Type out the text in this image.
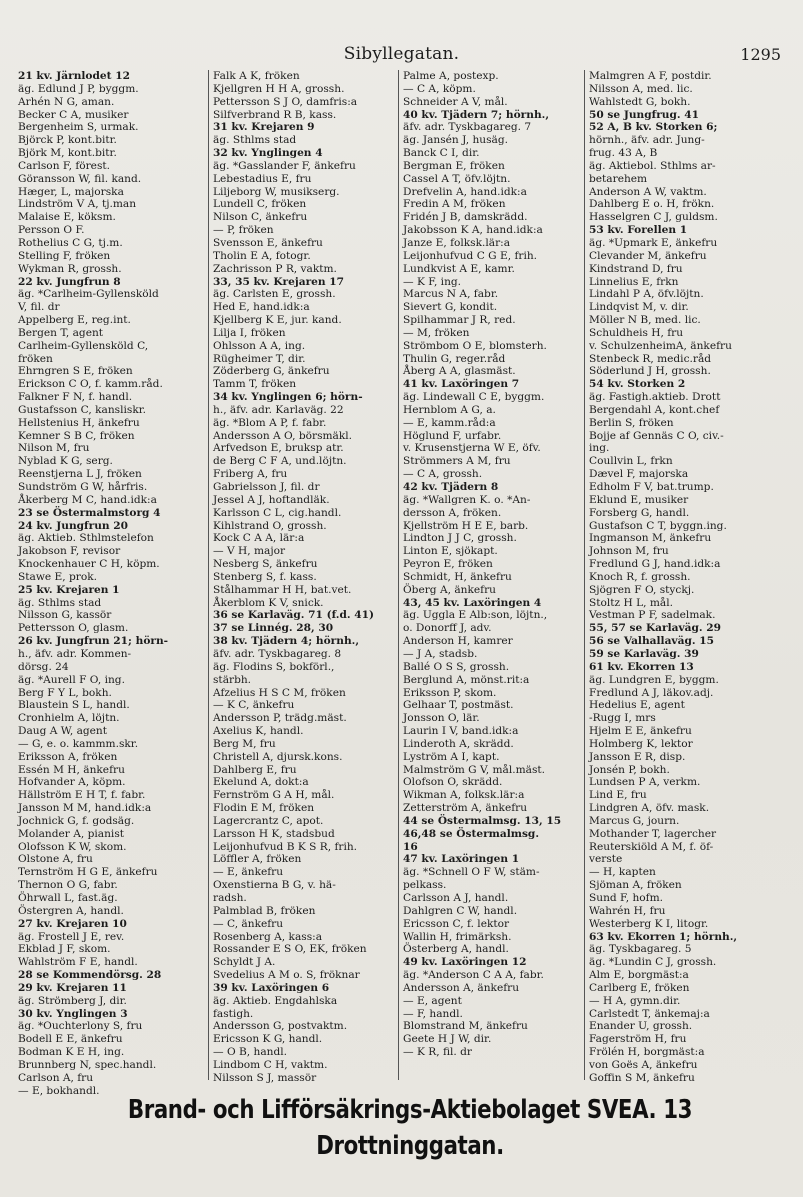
Sibyllegatan.	1295
21 kv. Järnlodet 12
äg. Edlund J P, byggm.
Arhén N G, aman.
Becker C A, musiker
Bergenheim S, urmak.
Björck P, kont.bitr.
Björk M, kont.bitr.
Carlson F, förest.
Göransson W, fil. kand.
Hæger, L, majorska
Lindström V A, tj.man
Malaise E, köksm.
Persson O F.
Rothelius C G, tj.m.
Stelling F, fröken
Wykman R, grossh.
22 kv. Jungfrun 8
äg. *Carlheim-Gyllensköld
V, fil. dr
Appelberg E, reg.int.
Bergen T, agent
Carlheim-Gyllensköld C,
fröken
Ehrngren S E, fröken
Erickson C O, f. kamm.råd.
Falkner F N, f. handl.
Gustafsson C, kansliskr.
Hellstenius H, änkefru
Kemner S B C, fröken
Nilson M, fru
Nyblad K G, serg.
Reenstjerna L J, fröken
Sundström G W, hårfris.
Åkerberg M C, hand.idk:a
23 se Östermalmstorg 4
24 kv. Jungfrun 20
äg. Aktieb. Sthlmstelefon
Jakobson F, revisor
Knockenhauer C H, köpm.
Stawe E, prok.
25 kv. Krejaren 1
äg. Sthlms stad
Nilsson G, kassör
Pettersson O, glasm.
26 kv. Jungfrun 21; hörn-
h., äfv. adr. Kommen-
dörsg. 24
äg. *Aurell F O, ing.
Berg F Y L, bokh.
Blaustein S L, handl.
Cronhielm A, löjtn.
Daug A W, agent
— G, e. o. kammm.skr.
Eriksson A, fröken
Essén M H, änkefru
Hofvander A, köpm.
Hällström E H T, f. fabr.
Jansson M M, hand.idk:a
Jochnick G, f. godsäg.
Molander A, pianist
Olofsson K W, skom.
Olstone A, fru
Ternström H G E, änkefru
Thernon O G, fabr.
Öhrwall L, fast.äg.
Östergren A, handl.
27 kv. Krejaren 10
äg. Frostell J E, rev.
Ekblad J F, skom.
Wahlström F E, handl.
28 se Kommendörsg. 28
29 kv. Krejaren 11
äg. Strömberg J, dir.
30 kv. Ynglingen 3
äg. *Ouchterlony S, fru
Bodell E E, änkefru
Bodman K E H, ing.
Brunnberg N, spec.handl.
Carlson A, fru
— E, bokhandl.
Falk A K, fröken
Kjellgren H H A, grossh.
Pettersson S J O, damfris:a
Silfverbrand R B, kass.
31 kv. Krejaren 9
äg. Sthlms stad
32 kv. Ynglingen 4
äg. *Gasslander F, änkefru
Lebestadius E, fru
Liljeborg W, musikserg.
Lundell C, fröken
Nilson C, änkefru
— P, fröken
Svensson E, änkefru
Tholin E A, fotogr.
Zachrisson P R, vaktm.
33, 35 kv. Krejaren 17
äg. Carlsten E, grossh.
Hed E, hand.idk:a
Kjellberg K E, jur. kand.
Lilja I, fröken
Ohlsson A A, ing.
Rügheimer T, dir.
Zöderberg G, änkefru
Tamm T, fröken
34 kv. Ynglingen 6; hörn-
h., äfv. adr. Karlaväg. 22
äg. *Blom A P, f. fabr.
Andersson A O, börsmäkl.
Arfvedson E, bruksp atr.
de Berg C F A, und.löjtn.
Friberg A, fru
Gabrielsson J, fil. dr
Jessel A J, hoftandläk.
Karlsson C L, cig.handl.
Kihlstrand O, grossh.
Kock C A A, lär:a
— V H, major
Nesberg S, änkefru
Stenberg S, f. kass.
Stålhammar H H, bat.vet.
Åkerblom K V, snick.
36 se Karlaväg. 71 (f.d. 41)
37 se Linnég. 28, 30
38 kv. Tjädern 4; hörnh.,
äfv. adr. Tyskbagareg. 8
äg. Flodins S, bokförl.,
stärbh.
Afzelius H S C M, fröken
— K C, änkefru
Andersson P, trädg.mäst.
Axelius K, handl.
Berg M, fru
Christell A, djursk.kons.
Dahlberg E, fru
Ekelund A, dokt:a
Fernström G A H, mål.
Flodin E M, fröken
Lagercrantz C, apot.
Larsson H K, stadsbud
Leijonhufvud B K S R, frih.
Löffler A, fröken
— E, änkefru
Oxenstierna B G, v. hä-
radsh.
Palmblad B, fröken
— C, änkefru
Rosenberg A, kass:a
Rossander E S O, EK, fröken
Schyldt J A.
Svedelius A M o. S, fröknar
39 kv. Laxöringen 6
äg. Aktieb. Engdahlska
fastigh.
Andersson G, postvaktm.
Ericsson K G, handl.
— O B, handl.
Lindbom C H, vaktm.
Nilsson S J, massör
Palme A, postexp.
— C A, köpm.
Schneider A V, mål.
40 kv. Tjädern 7; hörnh.,
äfv. adr. Tyskbagareg. 7
äg. Jansén J, husäg.
Banck C I, dir.
Bergman E, fröken
Cassel A T, öfv.löjtn.
Drefvelin A, hand.idk:a
Fredin A M, fröken
Fridén J B, damskrädd.
Jakobsson K A, hand.idk:a
Janze E, folksk.lär:a
Leijonhufvud C G E, frih.
Lundkvist A E, kamr.
— K F, ing.
Marcus N A, fabr.
Sievert G, kondit.
Spilhammar J R, red.
— M, fröken
Strömbom O E, blomsterh.
Thulin G, reger.råd
Åberg A A, glasmäst.
41 kv. Laxöringen 7
äg. Lindewall C E, byggm.
Hernblom A G, a.
— E, kamm.råd:a
Höglund F, urfabr.
v. Krusenstjerna W E, öfv.
Strömmers A M, fru
— C A, grossh.
42 kv. Tjädern 8
äg. *Wallgren K. o. *An-
dersson A, fröken.
Kjellström H E E, barb.
Lindton J J C, grossh.
Linton E, sjökapt.
Peyron E, fröken
Schmidt, H, änkefru
Öberg A, änkefru
43, 45 kv. Laxöringen 4
äg. Uggla E Alb:son, löjtn.,
o. Donorff J, adv.
Anderson H, kamrer
— J A, stadsb.
Ballé O S S, grossh.
Berglund A, mönst.rit:a
Eriksson P, skom.
Gelhaar T, postmäst.
Jonsson O, lär.
Laurin I V, band.idk:a
Linderoth A, skrädd.
Lyström A I, kapt.
Malmström G V, mål.mäst.
Olofson O, skrädd.
Wikman A, folksk.lär:a
Zetterström A, änkefru
44 se Östermalmsg. 13, 15
46,48 se Östermalmsg.
16
47 kv. Laxöringen 1
äg. *Schnell O F W, stäm-
pelkass.
Carlsson A J, handl.
Dahlgren C W, handl.
Ericsson C, f. lektor
Wallin H, frimärksh.
Österberg A, handl.
49 kv. Laxöringen 12
äg. *Anderson C A A, fabr.
Andersson A, änkefru
— E, agent
— F, handl.
Blomstrand M, änkefru
Geete H J W, dir.
— K R, fil. dr
Malmgren A F, postdir.
Nilsson A, med. lic.
Wahlstedt G, bokh.
50 se Jungfrug. 41
52 A, B kv. Storken 6;
hörnh., äfv. adr. Jung-
frug. 43 A, B
äg. Aktiebol. Sthlms ar-
betarehem
Anderson A W, vaktm.
Dahlberg E o. H, frökn.
Hasselgren C J, guldsm.
53 kv. Forellen 1
äg. *Upmark E, änkefru
Clevander M, änkefru
Kindstrand D, fru
Linnelius E, frkn
Lindahl P A, öfv.löjtn.
Lindqvist M, v. dir.
Möller N B, med. lic.
Schuldheis H, fru
v. SchulzenheimA, änkefru
Stenbeck R, medic.råd
Söderlund J H, grossh.
54 kv. Storken 2
äg. Fastigh.aktieb. Drott
Bergendahl A, kont.chef
Berlin S, fröken
Bojje af Gennäs C O, civ.-
ing.
Coullvin L, frkn
Dævel F, majorska
Edholm F V, bat.trump.
Eklund E, musiker
Forsberg G, handl.
Gustafson C T, byggn.ing.
Ingmanson M, änkefru
Johnson M, fru
Fredlund G J, hand.idk:a
Knoch R, f. grossh.
Sjögren F O, styckj.
Stoltz H L, mål.
Vestman P F, sadelmak.
55, 57 se Karlaväg. 29
56 se Valhallaväg. 15
59 se Karlaväg. 39
61 kv. Ekorren 13
äg. Lundgren E, byggm.
Fredlund A J, läkov.adj.
Hedelius E, agent
-Rugg I, mrs
Hjelm E E, änkefru
Holmberg K, lektor
Jansson E R, disp.
Jonsén P, bokh.
Lundsen P A, verkm.
Lind E, fru
Lindgren A, öfv. mask.
Marcus G, journ.
Mothander T, lagercher
Reuterskiöld A M, f. öf-
verste
— H, kapten
Sjöman A, fröken
Sund F, hofm.
Wahrén H, fru
Westerberg K I, litogr.
63 kv. Ekorren 1; hörnh.,
äg. Tyskbagareg. 5
äg. *Lundin C J, grossh.
Alm E, borgmäst:a
Carlberg E, fröken
— H A, gymn.dir.
Carlstedt T, änkemaj:a
Enander U, grossh.
Fagerström H, fru
Frölén H, borgmäst:a
von Goës A, änkefru
Goffin S M, änkefru
Brand- och Lifförsäkrings-Aktiebolaget SVEA. 13 Drottninggatan.
